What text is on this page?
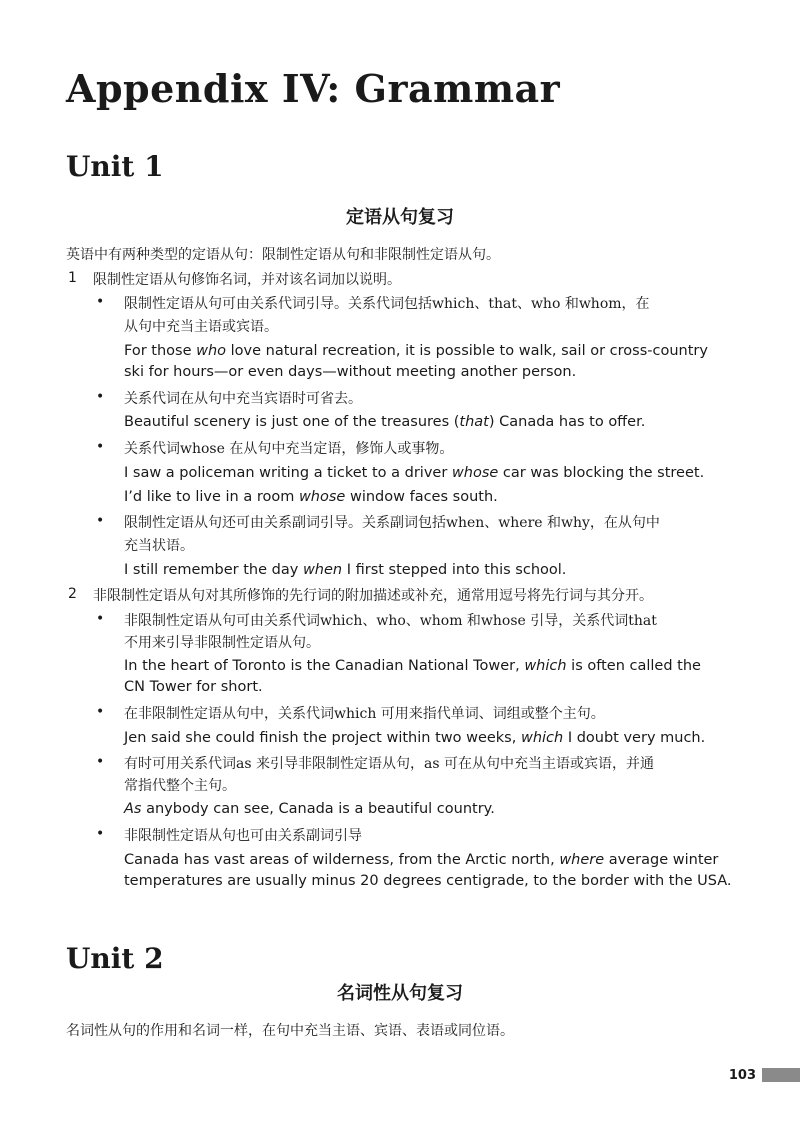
Appendix IV: Grammar
Unit 1
定语从句复习

英语中有两种类型的定语从句：限制性定语从句和非限制性定语从句。

1 限制性定语从句修饰名词，并对该名词加以说明。

• 限制性定语从句可由关系代词引导。关系代词包括which、that、who 和whom，在

从句中充当主语或宾语。

For those who love natural recreation, it is possible to walk, sail or cross-country

ski for hours—or even days—without meeting another person.

• 关系代词在从句中充当宾语时可省去。

Beautiful scenery is just one of the treasures (that) Canada has to offer.

• 关系代词whose 在从句中充当定语，修饰人或事物。

I saw a policeman writing a ticket to a driver whose car was blocking the street.

I’d like to live in a room whose window faces south.

• 限制性定语从句还可由关系副词引导。关系副词包括when、where 和why，在从句中

充当状语。

I still remember the day when I first stepped into this school.

2 非限制性定语从句对其所修饰的先行词的附加描述或补充，通常用逗号将先行词与其分开。

• 非限制性定语从句可由关系代词which、who、whom 和whose 引导，关系代词that

不用来引导非限制性定语从句。

In the heart of Toronto is the Canadian National Tower, which is often called the

CN Tower for short.

• 在非限制性定语从句中，关系代词which 可用来指代单词、词组或整个主句。

Jen said she could finish the project within two weeks, which I doubt very much.

• 有时可用关系代词as 来引导非限制性定语从句，as 可在从句中充当主语或宾语，并通

常指代整个主句。

As anybody can see, Canada is a beautiful country.

• 非限制性定语从句也可由关系副词引导

Canada has vast areas of wilderness, from the Arctic north, where average winter

temperatures are usually minus 20 degrees centigrade, to the border with the USA.

Unit 2
名词性从句复习

名词性从句的作用和名词一样，在句中充当主语、宾语、表语或同位语。

103
